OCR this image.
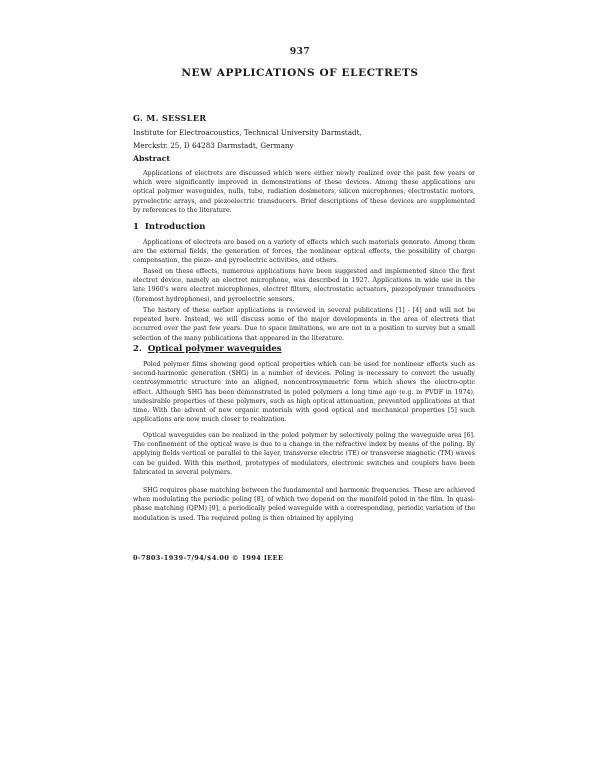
937
NEW APPLICATIONS OF ELECTRETS
G. M. SESSLER
Institute for Electroacoustics, Technical University Darmstadt,
Merckstr. 25, D 64283 Darmstadt, Germany
Abstract
Applications of electrets are discussed which were either newly realized over the past few years or which were significantly improved in demonstrations of these devices. Among these applications are optical polymer waveguides, nulls, tube, radiation dosimeters, silicon microphones, electrostatic motors, pyroelectric arrays, and piezoelectric transducers. Brief descriptions of these devices are supplemented by references to the literature.
1 Introduction
Applications of electrets are based on a variety of effects which such materials generate. Among them are the external fields, the generation of forces, the nonlinear optical effects, the possibility of charge compensation, the piezo- and pyroelectric activities, and others.
Based on these effects, numerous applications have been suggested and implemented since the first electret device, namely an electret microphone, was described in 1927. Applications in wide use in the late 1960's were electret microphones, electret filters, electrostatic actuators, piezopolymer transducers (foremost hydrophones), and pyroelectric sensors.
The history of these earlier applications is reviewed in several publications [1] - [4] and will not be repeated here. Instead, we will discuss some of the major developments in the area of electrets that occurred over the past few years. Due to space limitations, we are not in a position to survey but a small selection of the many publications that appeared in the literature.
2. Optical polymer waveguides
Poled polymer films showing good optical properties which can be used for nonlinear effects such as second-harmonic generation (SHG) in a number of devices. Poling is necessary to convert the usually centrosymmetric structure into an aligned, noncentrosymmetric form which shows the electro-optic effect. Although SHG has been demonstrated in poled polymers a long time ago (e.g. in PVDF in 1974), undesirable properties of these polymers, such as high optical attenuation, prevented applications at that time. With the advent of new organic materials with good optical and mechanical properties [5] such applications are now much closer to realization.
Optical waveguides can be realized in the poled polymer by selectively poling the waveguide area [6]. The confinement of the optical wave is due to a change in the refractive index by means of the poling. By applying fields vertical or parallel to the layer, transverse electric (TE) or transverse magnetic (TM) waves can be guided. With this method, prototypes of modulators, electronic switches and couplers have been fabricated in several polymers.
SHG requires phase matching between the fundamental and harmonic frequencies. These are achieved when modulating the periodic poling [8], of which two depend on the manifold poled in the film. In quasi-phase matching (QPM) [9], a periodically poled waveguide with a corresponding, periodic variation of the modulation is used. The required poling is then obtained by applying
0-7803-1939-7/94/$4.00 © 1994 IEEE
